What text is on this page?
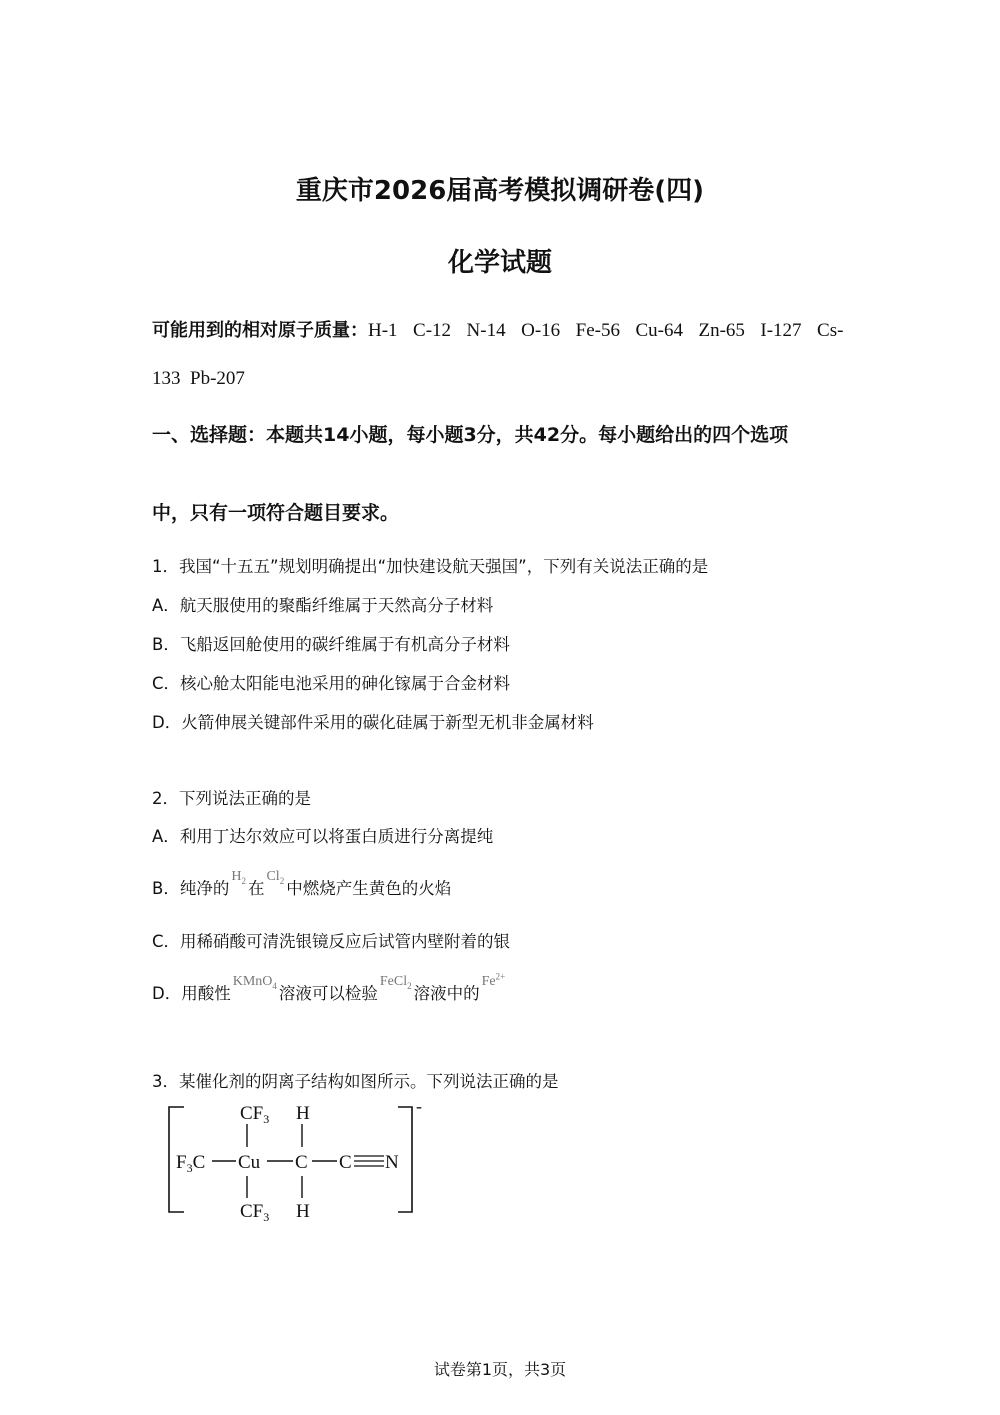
重庆市2026届高考模拟调研卷(四)
化学试题
可能用到的相对原子质量：H-1  C-12  N-14  O-16  Fe-56  Cu-64  Zn-65  I-127  Cs-
133  Pb-207
一、选择题：本题共14小题，每小题3分，共42分。每小题给出的四个选项
中，只有一项符合题目要求。
1．我国“十五五”规划明确提出“加快建设航天强国”，下列有关说法正确的是
A．航天服使用的聚酯纤维属于天然高分子材料
B．飞船返回舱使用的碳纤维属于有机高分子材料
C．核心舱太阳能电池采用的砷化镓属于合金材料
D．火箭伸展关键部件采用的碳化硅属于新型无机非金属材料
2．下列说法正确的是
A．利用丁达尔效应可以将蛋白质进行分离提纯
B．纯净的$^{H_2}$ 在$^{Cl_2}$ 中燃烧产生黄色的火焰
C．用稀硝酸可清洗银镜反应后试管内壁附着的银
D．用酸性$^{KMnO_4}$ 溶液可以检验$^{FeCl_2}$ 溶液中的$^{Fe^{2+}}$
3．某催化剂的阴离子结构如图所示。下列说法正确的是
-
$F_3C$ Cu
$CF_3$
$CF_3$
C
H
H
C N
试卷第1页，共3页
